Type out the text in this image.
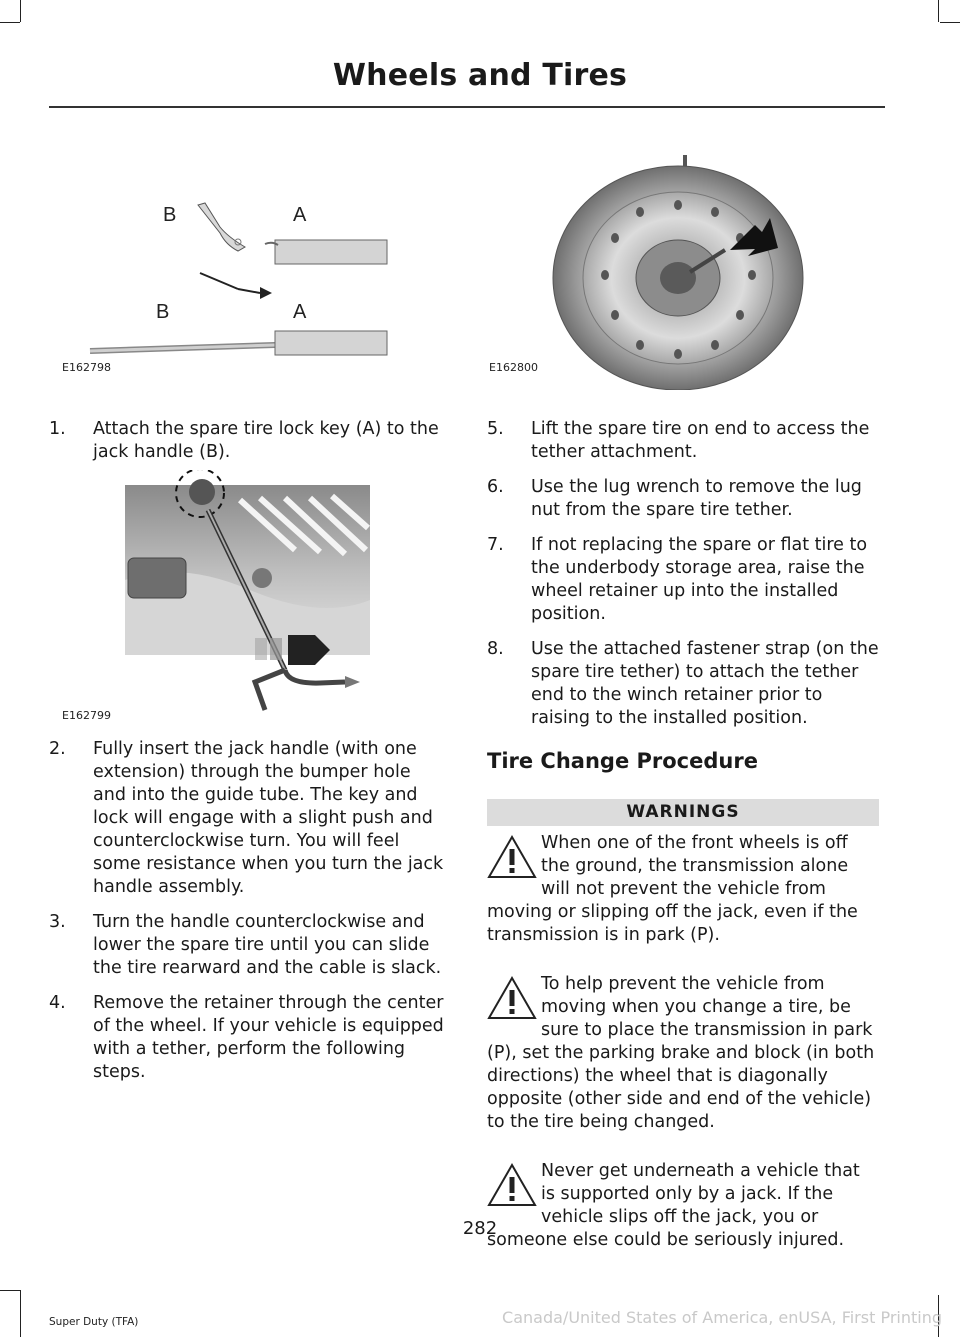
Wheels and Tires
B	A
B	A
E162798
E162799
E162800
1. Attach the spare tire lock key (A) to the jack handle (B).
2. Fully insert the jack handle (with one extension) through the bumper hole and into the guide tube. The key and lock will engage with a slight push and counterclockwise turn. You will feel some resistance when you turn the jack handle assembly.
3. Turn the handle counterclockwise and lower the spare tire until you can slide the tire rearward and the cable is slack.
4. Remove the retainer through the center of the wheel. If your vehicle is equipped with a tether, perform the following steps.
5. Lift the spare tire on end to access the tether attachment.
6. Use the lug wrench to remove the lug nut from the spare tire tether.
7. If not replacing the spare or flat tire to the underbody storage area, raise the wheel retainer up into the installed position.
8. Use the attached fastener strap (on the spare tire tether) to attach the tether end to the winch retainer prior to raising to the installed position.
Tire Change Procedure
WARNINGS
When one of the front wheels is off the ground, the transmission alone will not prevent the vehicle from moving or slipping off the jack, even if the transmission is in park (P).
To help prevent the vehicle from moving when you change a tire, be sure to place the transmission in park (P), set the parking brake and block (in both directions) the wheel that is diagonally opposite (other side and end of the vehicle) to the tire being changed.
Never get underneath a vehicle that is supported only by a jack. If the vehicle slips off the jack, you or someone else could be seriously injured.
282
Super Duty (TFA)	Canada/United States of America, enUSA, First Printing
